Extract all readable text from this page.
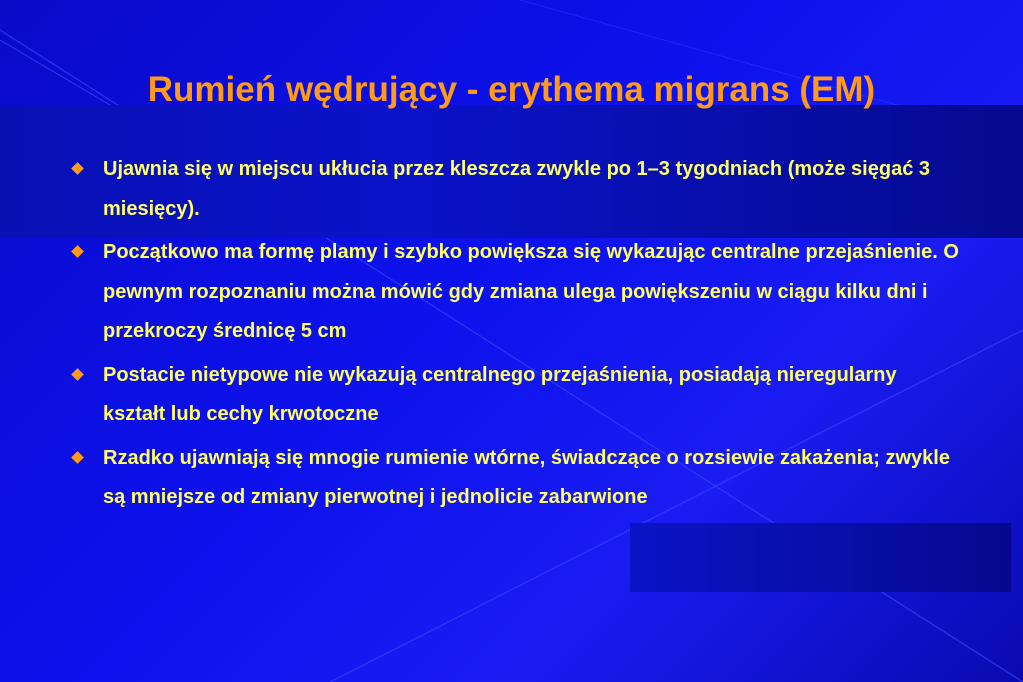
Rumień wędrujący - erythema migrans (EM)
Ujawnia się w miejscu ukłucia przez kleszcza zwykle po 1–3 tygodniach (może sięgać 3 miesięcy).
Początkowo ma formę plamy i szybko powiększa się wykazując centralne przejaśnienie. O pewnym rozpoznaniu można mówić gdy zmiana ulega powiększeniu w ciągu kilku dni i przekroczy średnicę 5 cm
Postacie nietypowe nie wykazują centralnego przejaśnienia, posiadają nieregularny kształt lub cechy krwotoczne
Rzadko ujawniają się mnogie rumienie wtórne, świadczące o rozsiewie zakażenia; zwykle są mniejsze od zmiany pierwotnej i jednolicie zabarwione
